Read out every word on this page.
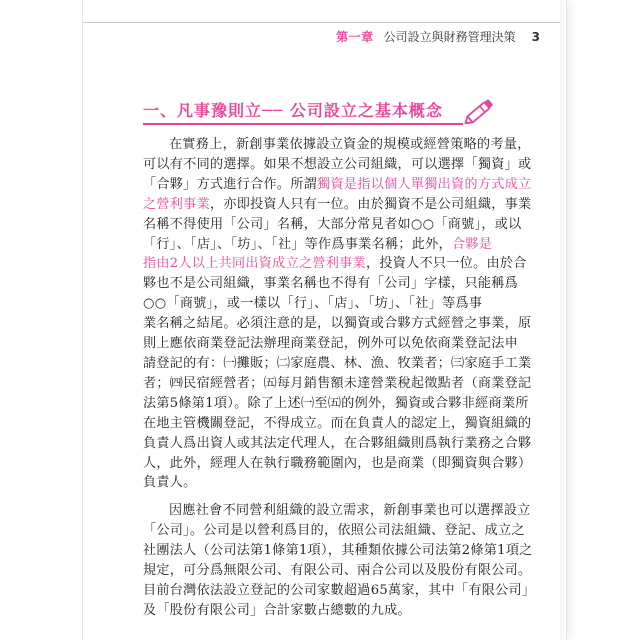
第一章 公司設立與財務管理決策 3
一、凡事豫則立── 公司設立之基本概念
在實務上，新創事業依據設立資金的規模或經營策略的考量，
可以有不同的選擇。如果不想設立公司組織，可以選擇「獨資」或
「合夥」方式進行合作。所謂獨資是指以個人單獨出資的方式成立
之營利事業，亦即投資人只有一位。由於獨資不是公司組織，事業
名稱不得使用「公司」名稱，大部分常見者如○○「商號」，或以
「行」、「店」、「坊」、「社」等作爲事業名稱；此外，合夥是
指由2人以上共同出資成立之營利事業，投資人不只一位。由於合
夥也不是公司組織，事業名稱也不得有「公司」字樣，只能稱爲
○○「商號」，或一樣以「行」、「店」、「坊」、「社」等爲事
業名稱之結尾。必須注意的是，以獨資或合夥方式經營之事業，原
則上應依商業登記法辦理商業登記，例外可以免依商業登記法申
請登記的有：㈠攤販；㈡家庭農、林、漁、牧業者；㈢家庭手工業
者；㈣民宿經營者；㈤每月銷售額未達營業稅起徵點者（商業登記
法第5條第1項）。除了上述㈠至㈤的例外，獨資或合夥非經商業所
在地主管機關登記，不得成立。而在負責人的認定上，獨資組織的
負責人爲出資人或其法定代理人，在合夥組織則爲執行業務之合夥
人，此外，經理人在執行職務範圍內，也是商業（即獨資與合夥）
負責人。
因應社會不同營利組織的設立需求，新創事業也可以選擇設立
「公司」。公司是以營利爲目的，依照公司法組織、登記、成立之
社團法人（公司法第1條第1項），其種類依據公司法第2條第1項之
規定，可分爲無限公司、有限公司、兩合公司以及股份有限公司。
目前台灣依法設立登記的公司家數超過65萬家，其中「有限公司」
及「股份有限公司」合計家數占總數的九成。
